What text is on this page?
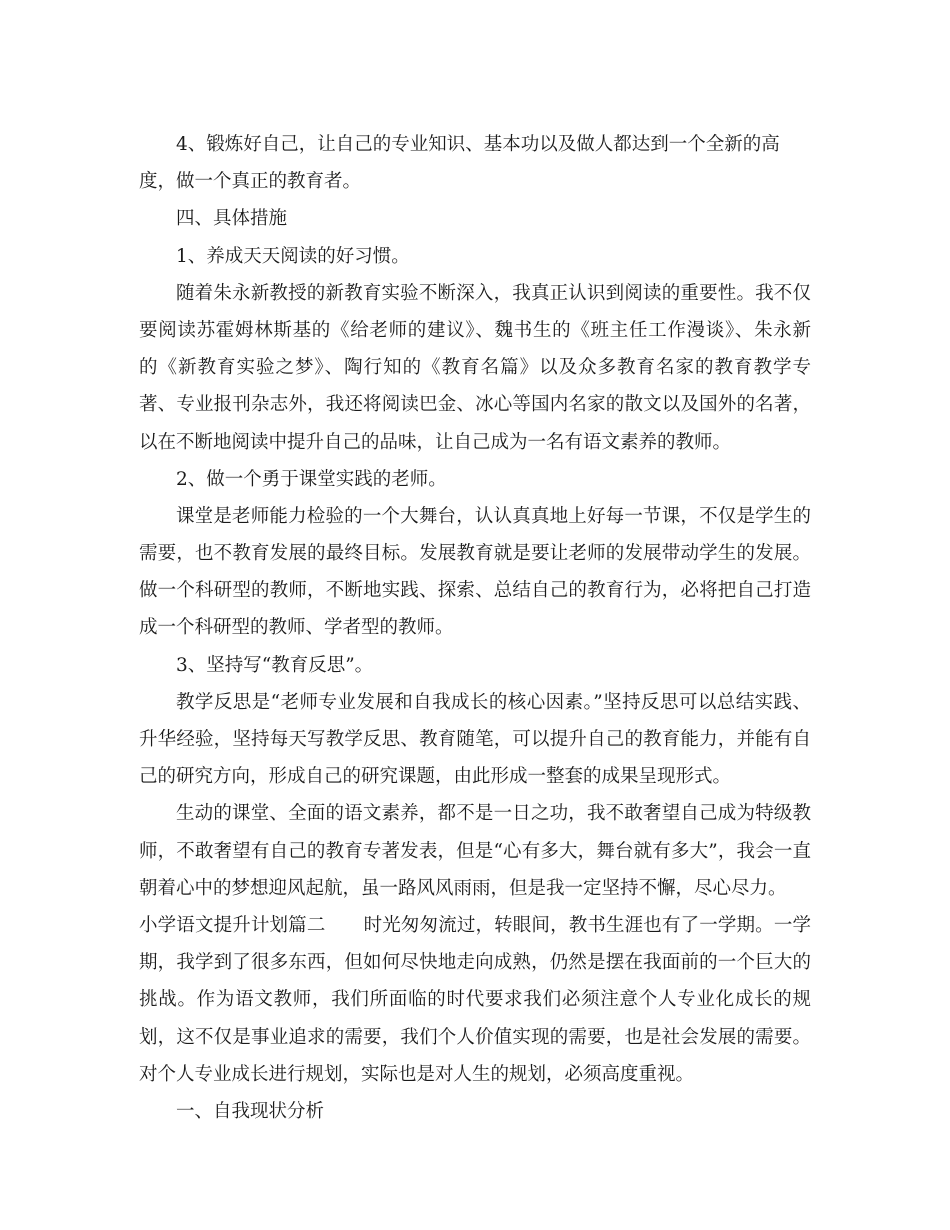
4、锻炼好自己，让自己的专业知识、基本功以及做人都达到一个全新的高
度，做一个真正的教育者。
四、具体措施
1、养成天天阅读的好习惯。
随着朱永新教授的新教育实验不断深入，我真正认识到阅读的重要性。我不仅
要阅读苏霍姆林斯基的《给老师的建议》、魏书生的《班主任工作漫谈》、朱永新
的《新教育实验之梦》、陶行知的《教育名篇》以及众多教育名家的教育教学专
著、专业报刊杂志外，我还将阅读巴金、冰心等国内名家的散文以及国外的名著，
以在不断地阅读中提升自己的品味，让自己成为一名有语文素养的教师。
2、做一个勇于课堂实践的老师。
课堂是老师能力检验的一个大舞台，认认真真地上好每一节课，不仅是学生的
需要，也不教育发展的最终目标。发展教育就是要让老师的发展带动学生的发展。
做一个科研型的教师，不断地实践、探索、总结自己的教育行为，必将把自己打造
成一个科研型的教师、学者型的教师。
3、坚持写“教育反思”。
教学反思是“老师专业发展和自我成长的核心因素。”坚持反思可以总结实践、
升华经验，坚持每天写教学反思、教育随笔，可以提升自己的教育能力，并能有自
己的研究方向，形成自己的研究课题，由此形成一整套的成果呈现形式。
生动的课堂、全面的语文素养，都不是一日之功，我不敢奢望自己成为特级教
师，不敢奢望有自己的教育专著发表，但是“心有多大，舞台就有多大”，我会一直
朝着心中的梦想迎风起航，虽一路风风雨雨，但是我一定坚持不懈，尽心尽力。
小学语文提升计划篇二 时光匆匆流过，转眼间，教书生涯也有了一学期。一学
期，我学到了很多东西，但如何尽快地走向成熟，仍然是摆在我面前的一个巨大的
挑战。作为语文教师，我们所面临的时代要求我们必须注意个人专业化成长的规
划，这不仅是事业追求的需要，我们个人价值实现的需要，也是社会发展的需要。
对个人专业成长进行规划，实际也是对人生的规划，必须高度重视。
一、自我现状分析
